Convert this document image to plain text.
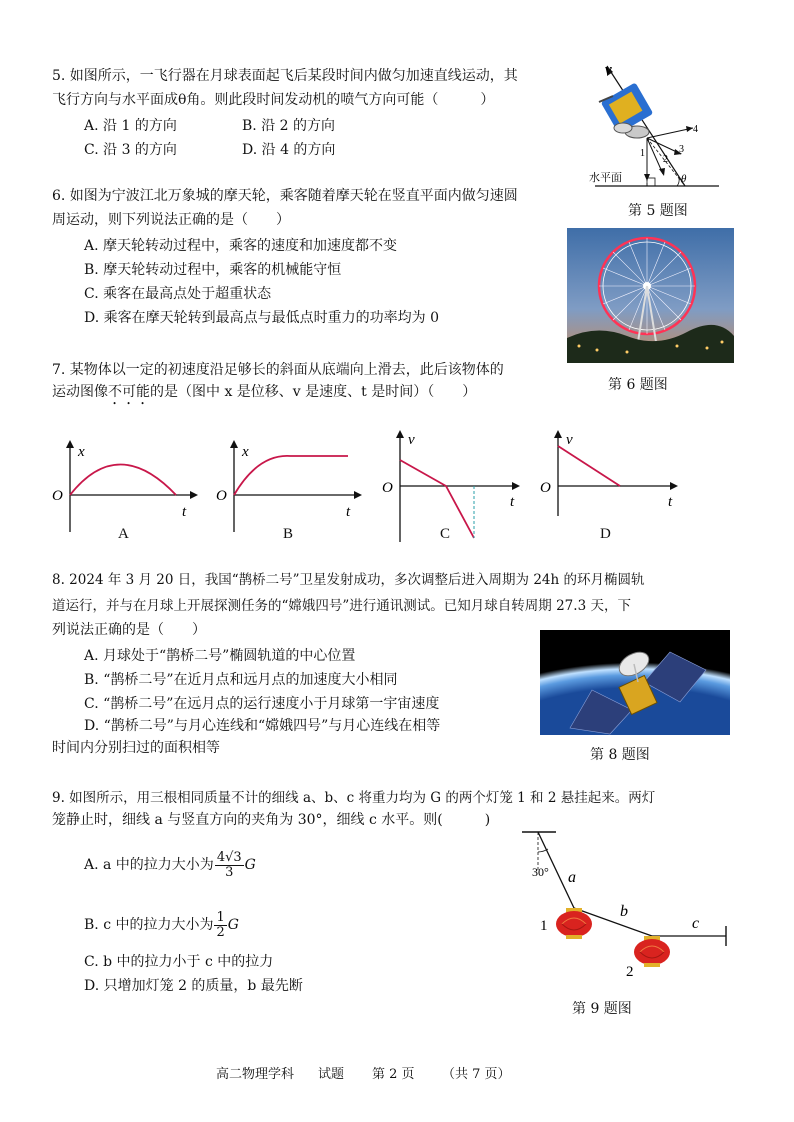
5. 如图所示，一飞行器在月球表面起飞后某段时间内做匀加速直线运动，其
飞行方向与水平面成θ角。则此段时间发动机的喷气方向可能（　　　）
A. 沿 1 的方向	B. 沿 2 的方向
C. 沿 3 的方向	D. 沿 4 的方向
v
1
2
3
4
水平面	θ
第 5 题图
6. 如图为宁波江北万象城的摩天轮，乘客随着摩天轮在竖直平面内做匀速圆
周运动，则下列说法正确的是（　　）
A. 摩天轮转动过程中，乘客的速度和加速度都不变
B. 摩天轮转动过程中，乘客的机械能守恒
C. 乘客在最高点处于超重状态
D. 乘客在摩天轮转到最高点与最低点时重力的功率均为 0
第 6 题图
7. 某物体以一定的初速度沿足够长的斜面从底端向上滑去，此后该物体的
运动图像不可能的是（图中 x 是位移、v 是速度、t 是时间）（　　）
x
O
t
x
O
t
v
O
t
v
O
t
A	B	C	D
8. 2024 年 3 月 20 日，我国“鹊桥二号”卫星发射成功，多次调整后进入周期为 24h 的环月椭圆轨
道运行，并与在月球上开展探测任务的“嫦娥四号”进行通讯测试。已知月球自转周期 27.3 天，下
列说法正确的是（　　）
A. 月球处于“鹊桥二号”椭圆轨道的中心位置
B. “鹊桥二号”在近月点和远月点的加速度大小相同
C. “鹊桥二号”在远月点的运行速度小于月球第一宇宙速度
D. “鹊桥二号”与月心连线和“嫦娥四号”与月心连线在相等
时间内分别扫过的面积相等	第 8 题图
9. 如图所示，用三根相同质量不计的细线 a、b、c 将重力均为 G 的两个灯笼 1 和 2 悬挂起来。两灯
笼静止时，细线 a 与竖直方向的夹角为 30°，细线 c 水平。则(　　　)
A. a 中的拉力大小为 $\frac{4√3}{3}$ G
B. c 中的拉力大小为 $\frac{1}{2}$ G
C. b 中的拉力小于 c 中的拉力
D. 只增加灯笼 2 的质量，b 最先断
30° a
b
c
1
2
第 9 题图
高二物理学科 试题 第 2 页 （共 7 页）
